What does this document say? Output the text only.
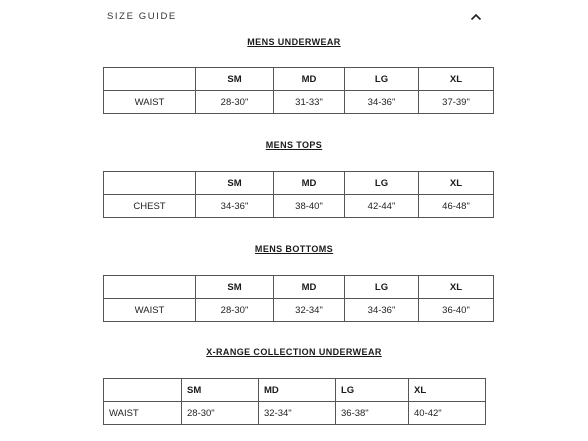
SIZE GUIDE
MENS UNDERWEAR
	SM	MD	LG	XL
WAIST	28-30"	31-33"	34-36"	37-39"
MENS TOPS
	SM	MD	LG	XL
CHEST	34-36"	38-40"	42-44"	46-48"
MENS BOTTOMS
	SM	MD	LG	XL
WAIST	28-30"	32-34"	34-36"	36-40"
X-RANGE COLLECTION UNDERWEAR
	SM	MD	LG	XL
WAIST	28-30"	32-34"	36-38"	40-42"
